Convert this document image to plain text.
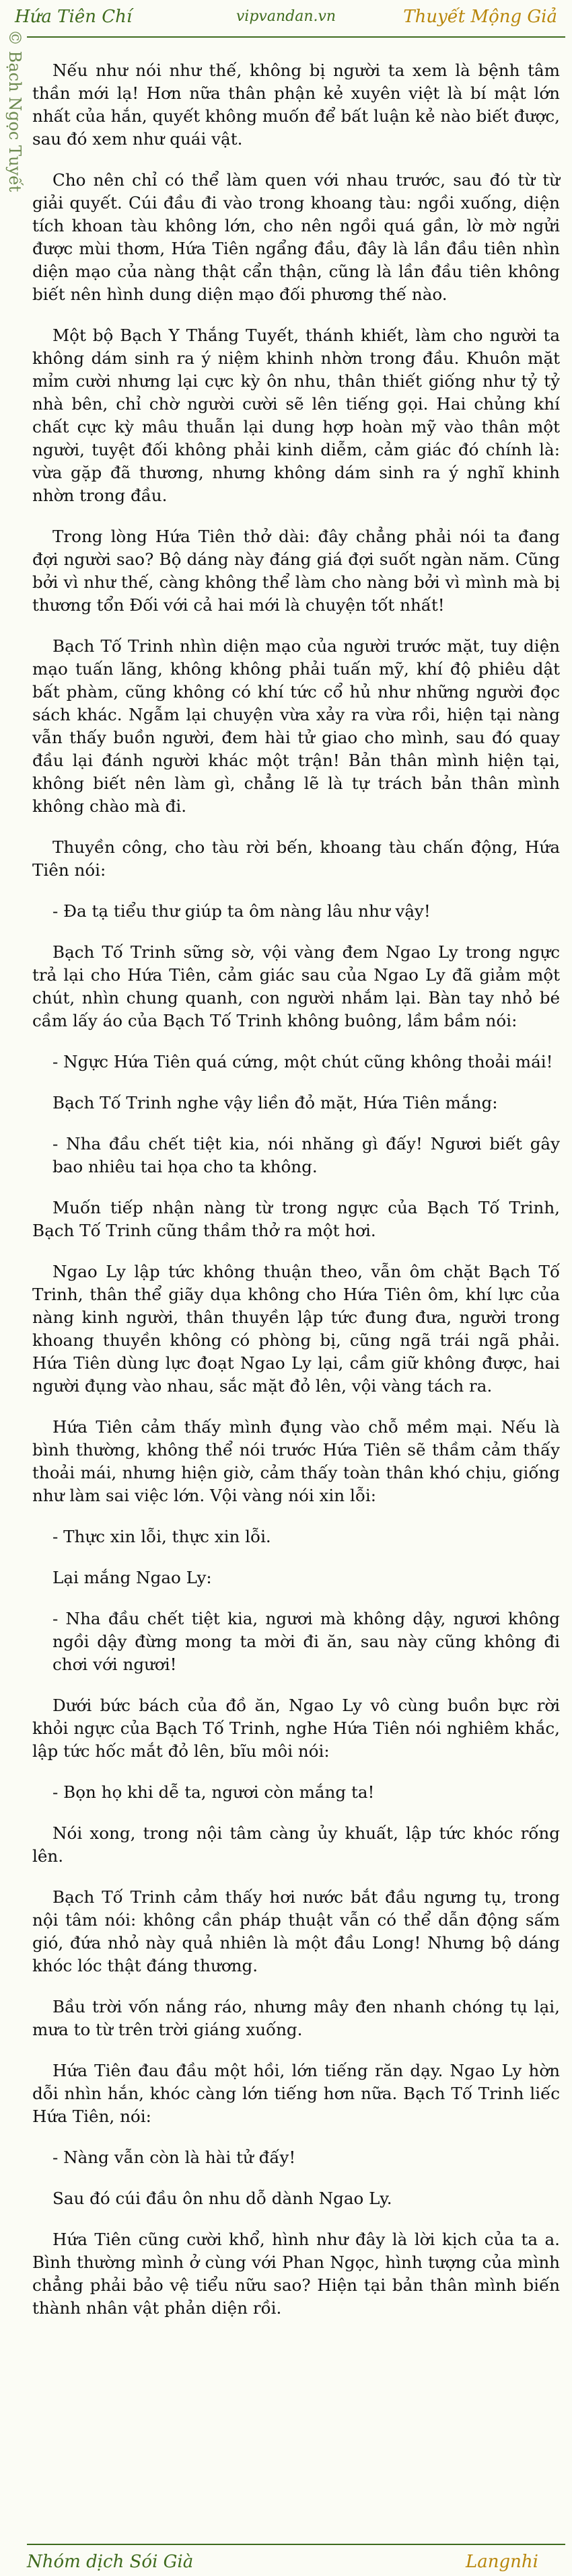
Hứa Tiên Chí	vipvandan.vn	Thuyết Mộng Giả
© Bạch Ngọc Tuyết	Nếu như nói như thế, không bị người ta xem là bệnh tâm thần mới lạ! Hơn nữa thân phận kẻ xuyên việt là bí mật lớn nhất của hắn, quyết không muốn để bất luận kẻ nào biết được, sau đó xem như quái vật.

Cho nên chỉ có thể làm quen với nhau trước, sau đó từ từ giải quyết. Cúi đầu đi vào trong khoang tàu: ngồi xuống, diện tích khoan tàu không lớn, cho nên ngồi quá gần, lờ mờ ngửi được mùi thơm, Hứa Tiên ngẩng đầu, đây là lần đầu tiên nhìn diện mạo của nàng thật cẩn thận, cũng là lần đầu tiên không biết nên hình dung diện mạo đối phương thế nào.

Một bộ Bạch Y Thắng Tuyết, thánh khiết, làm cho người ta không dám sinh ra ý niệm khinh nhờn trong đầu. Khuôn mặt mỉm cười nhưng lại cực kỳ ôn nhu, thân thiết giống như tỷ tỷ nhà bên, chỉ chờ người cười sẽ lên tiếng gọi. Hai chủng khí chất cực kỳ mâu thuẫn lại dung hợp hoàn mỹ vào thân một người, tuyệt đối không phải kinh diễm, cảm giác đó chính là: vừa gặp đã thương, nhưng không dám sinh ra ý nghĩ khinh nhờn trong đầu.

Trong lòng Hứa Tiên thở dài: đây chẳng phải nói ta đang đợi người sao? Bộ dáng này đáng giá đợi suốt ngàn năm. Cũng bởi vì như thế, càng không thể làm cho nàng bởi vì mình mà bị thương tổn Đối với cả hai mới là chuyện tốt nhất!

Bạch Tố Trinh nhìn diện mạo của người trước mặt, tuy diện mạo tuấn lãng, không không phải tuấn mỹ, khí độ phiêu dật bất phàm, cũng không có khí tức cổ hủ như những người đọc sách khác. Ngẫm lại chuyện vừa xảy ra vừa rồi, hiện tại nàng vẫn thấy buồn người, đem hài tử giao cho mình, sau đó quay đầu lại đánh người khác một trận! Bản thân mình hiện tại, không biết nên làm gì, chẳng lẽ là tự trách bản thân mình không chào mà đi.

Thuyền công, cho tàu rời bến, khoang tàu chấn động, Hứa Tiên nói:

- Đa tạ tiểu thư giúp ta ôm nàng lâu như vậy!

Bạch Tố Trinh sững sờ, vội vàng đem Ngao Ly trong ngực trả lại cho Hứa Tiên, cảm giác sau của Ngao Ly đã giảm một chút, nhìn chung quanh, con người nhắm lại. Bàn tay nhỏ bé cầm lấy áo của Bạch Tố Trinh không buông, lầm bầm nói:

- Ngực Hứa Tiên quá cứng, một chút cũng không thoải mái!

Bạch Tố Trinh nghe vậy liền đỏ mặt, Hứa Tiên mắng:

- Nha đầu chết tiệt kia, nói nhăng gì đấy! Ngươi biết gây bao nhiêu tai họa cho ta không.

Muốn tiếp nhận nàng từ trong ngực của Bạch Tố Trinh, Bạch Tố Trinh cũng thầm thở ra một hơi.

Ngao Ly lập tức không thuận theo, vẫn ôm chặt Bạch Tố Trinh, thân thể giãy dụa không cho Hứa Tiên ôm, khí lực của nàng kinh người, thân thuyền lập tức đung đưa, người trong khoang thuyền không có phòng bị, cũng ngã trái ngã phải. Hứa Tiên dùng lực đoạt Ngao Ly lại, cầm giữ không được, hai người đụng vào nhau, sắc mặt đỏ lên, vội vàng tách ra.

Hứa Tiên cảm thấy mình đụng vào chỗ mềm mại. Nếu là bình thường, không thể nói trước Hứa Tiên sẽ thầm cảm thấy thoải mái, nhưng hiện giờ, cảm thấy toàn thân khó chịu, giống như làm sai việc lớn. Vội vàng nói xin lỗi:

- Thực xin lỗi, thực xin lỗi.

Lại mắng Ngao Ly:

- Nha đầu chết tiệt kia, ngươi mà không dậy, ngươi không ngồi dậy đừng mong ta mời đi ăn, sau này cũng không đi chơi với ngươi!

Dưới bức bách của đồ ăn, Ngao Ly vô cùng buồn bực rời khỏi ngực của Bạch Tố Trinh, nghe Hứa Tiên nói nghiêm khắc, lập tức hốc mắt đỏ lên, bĩu môi nói:

- Bọn họ khi dễ ta, ngươi còn mắng ta!

Nói xong, trong nội tâm càng ủy khuất, lập tức khóc rống lên.

Bạch Tố Trinh cảm thấy hơi nước bắt đầu ngưng tụ, trong nội tâm nói: không cần pháp thuật vẫn có thể dẫn động sấm gió, đứa nhỏ này quả nhiên là một đầu Long! Nhưng bộ dáng khóc lóc thật đáng thương.

Bầu trời vốn nắng ráo, nhưng mây đen nhanh chóng tụ lại, mưa to từ trên trời giáng xuống.

Hứa Tiên đau đầu một hồi, lớn tiếng răn dạy. Ngao Ly hờn dỗi nhìn hắn, khóc càng lớn tiếng hơn nữa. Bạch Tố Trinh liếc Hứa Tiên, nói:

- Nàng vẫn còn là hài tử đấy!

Sau đó cúi đầu ôn nhu dỗ dành Ngao Ly.

Hứa Tiên cũng cười khổ, hình như đây là lời kịch của ta a. Bình thường mình ở cùng với Phan Ngọc, hình tượng của mình chẳng phải bảo vệ tiểu nữu sao? Hiện tại bản thân mình biến thành nhân vật phản diện rồi.

Nhóm dịch Sói Già	Langnhi
